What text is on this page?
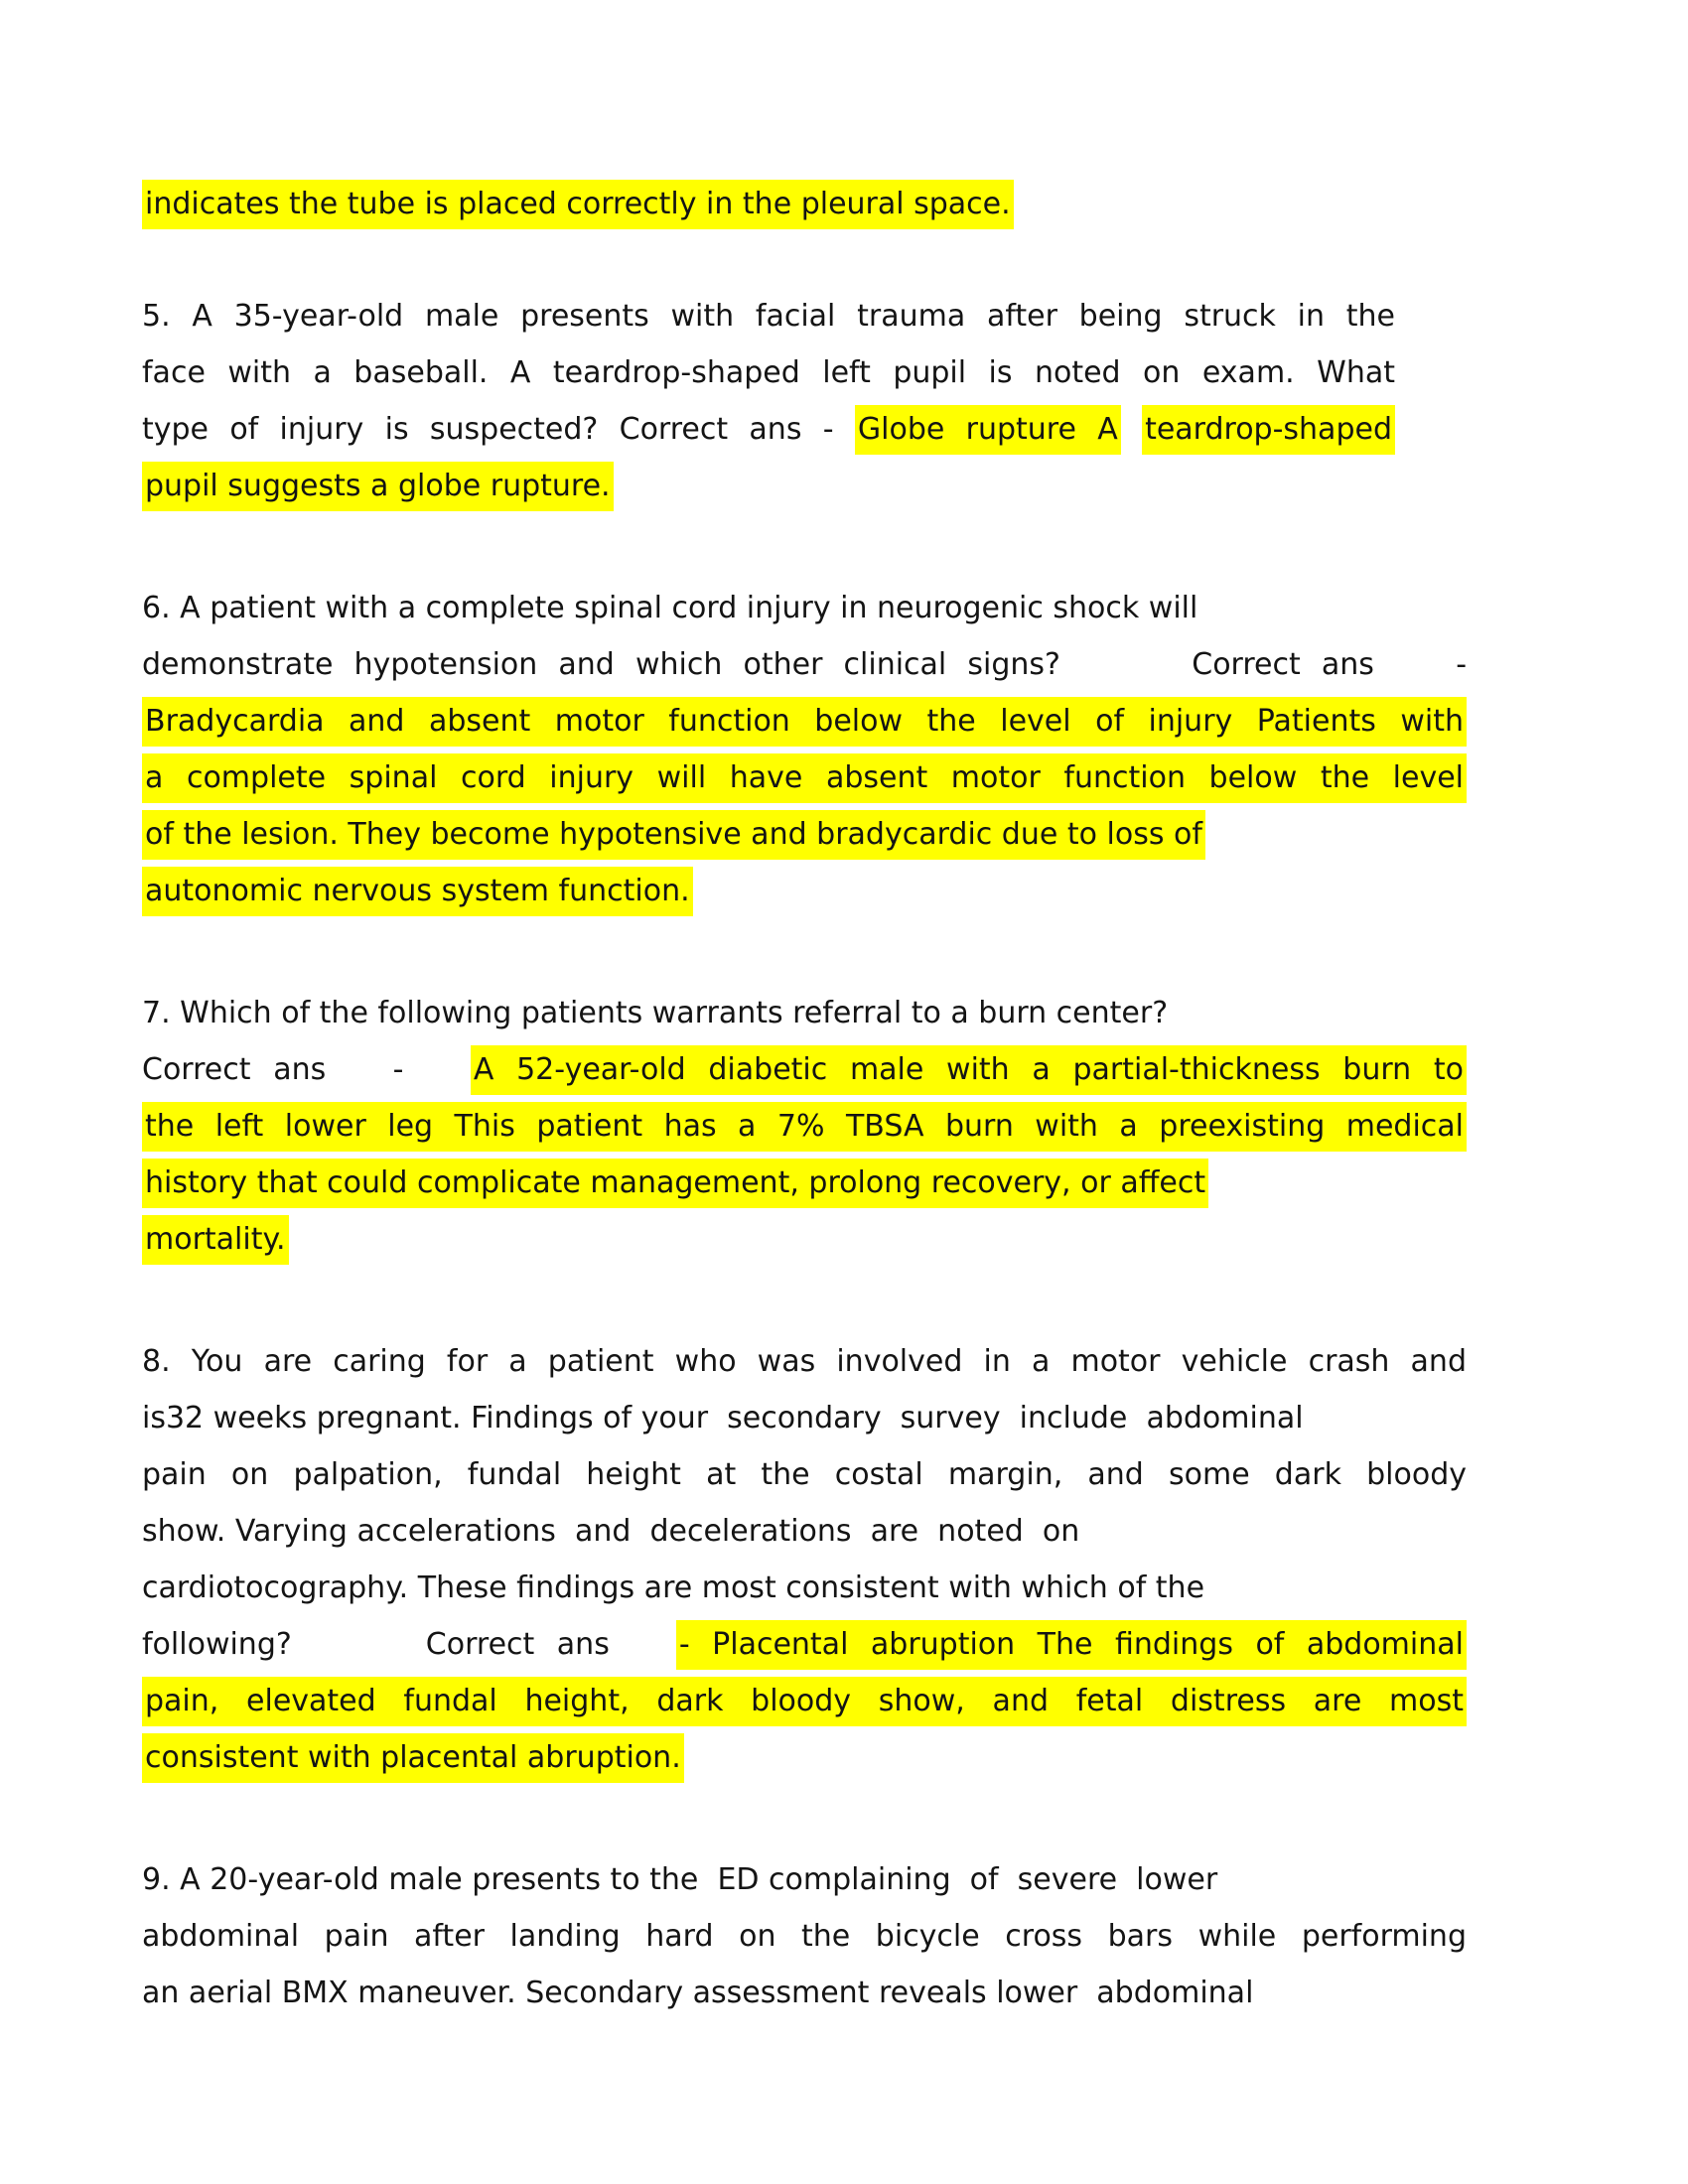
indicates the tube is placed correctly in the pleural space.
5. A 35-year-old male presents with facial trauma after being struck in the
face with a baseball. A teardrop-shaped left pupil is noted on exam. What
type of injury is suspected? Correct ans - Globe rupture A teardrop-shaped
pupil suggests a globe rupture.
6. A patient with a complete spinal cord injury in neurogenic shock will
demonstrate hypotension and which other clinical signs?	Correct ans	-
Bradycardia and absent motor function below the level of injury Patients with
a complete spinal cord injury will have absent motor function below the level
of the lesion. They become hypotensive and bradycardic due to loss of
autonomic nervous system function.
7. Which of the following patients warrants referral to a burn center?
Correct ans - A 52-year-old diabetic male with a partial-thickness burn to
the left lower leg This patient has a 7% TBSA burn with a preexisting medical
history that could complicate management, prolong recovery, or affect
mortality.
8. You are caring for a patient who was involved in a motor vehicle crash and
is32 weeks pregnant. Findings of your  secondary  survey  include  abdominal
pain on palpation, fundal height at the costal margin, and some dark bloody
show. Varying accelerations  and  decelerations  are  noted  on
cardiotocography. These findings are most consistent with which of the
following?	Correct ans - Placental abruption The findings of abdominal
pain, elevated fundal height, dark bloody show, and fetal distress are most
consistent with placental abruption.
9. A 20-year-old male presents to the  ED complaining  of  severe  lower
abdominal pain after landing hard on the bicycle cross bars while performing
an aerial BMX maneuver. Secondary assessment reveals lower  abdominal
